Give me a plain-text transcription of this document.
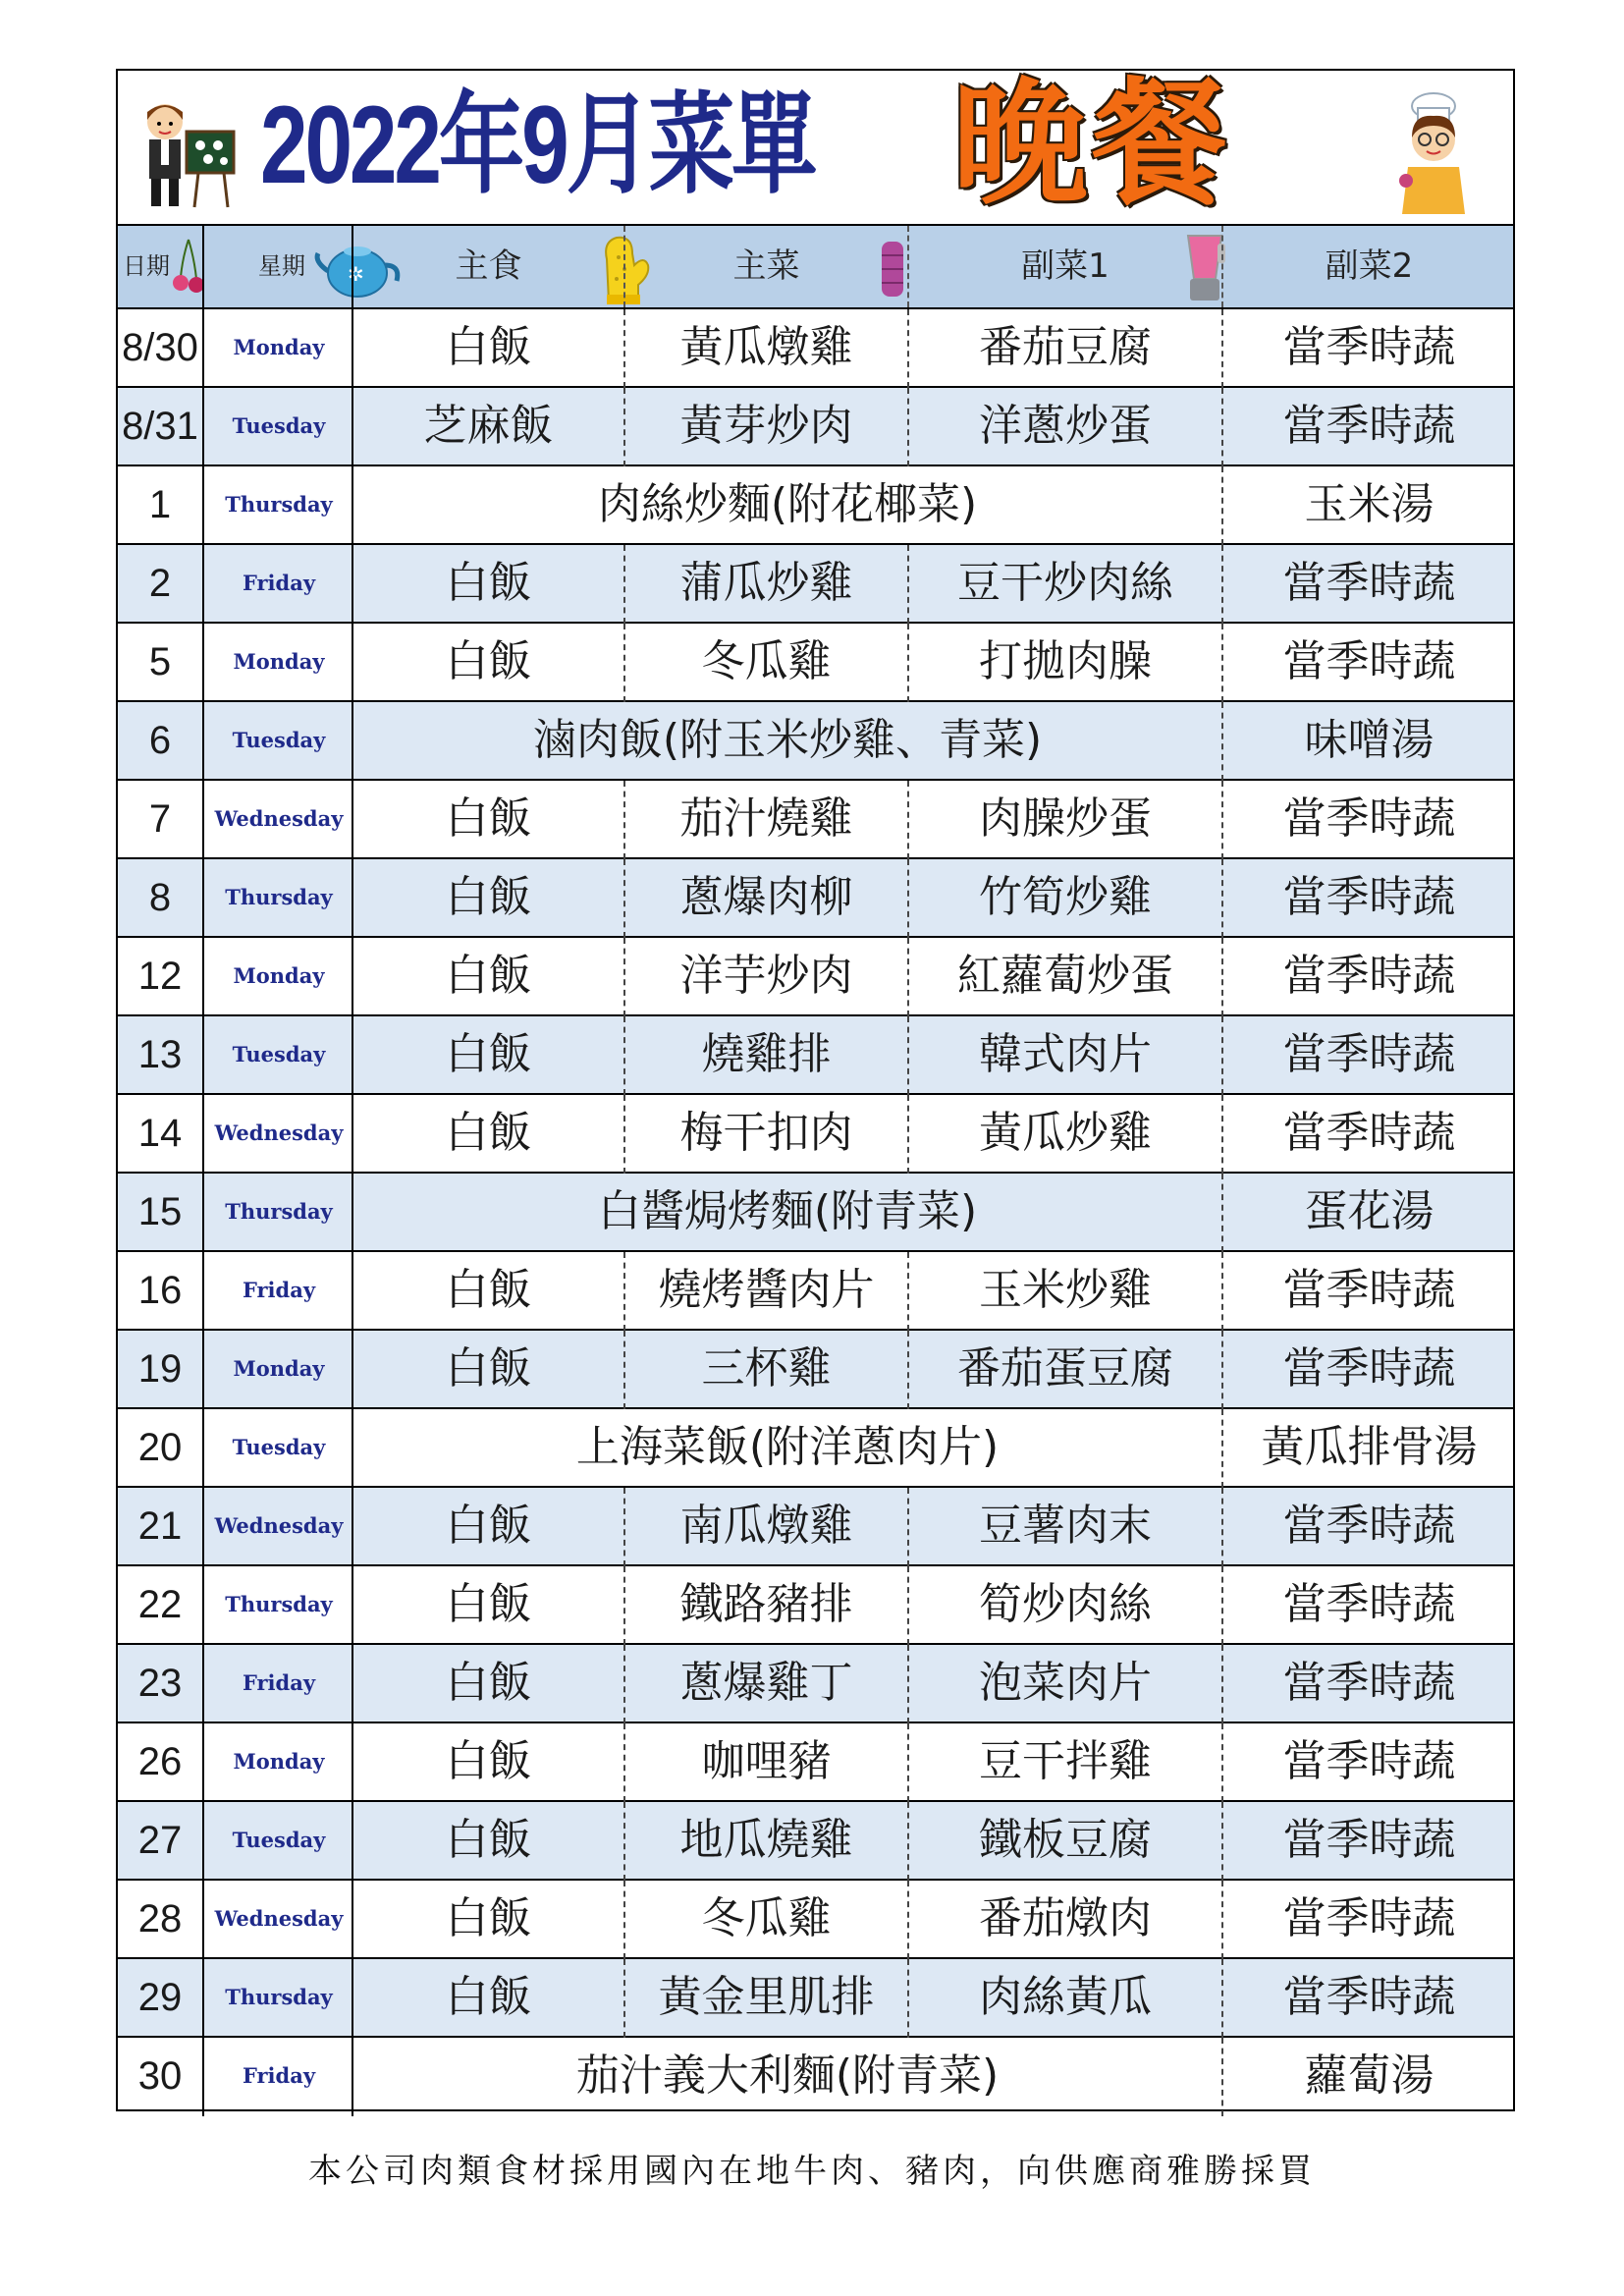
2022年9月菜單 晚餐
日期	星期	✲	主食	主菜	副菜1	副菜2
8/30	Monday	白飯	黃瓜燉雞	番茄豆腐	當季時蔬
8/31	Tuesday	芝麻飯	黃芽炒肉	洋蔥炒蛋	當季時蔬
1	Thursday	肉絲炒麵(附花椰菜)	玉米湯
2	Friday	白飯	蒲瓜炒雞	豆干炒肉絲	當季時蔬
5	Monday	白飯	冬瓜雞	打拋肉臊	當季時蔬
6	Tuesday	滷肉飯(附玉米炒雞、青菜)	味噌湯
7	Wednesday	白飯	茄汁燒雞	肉臊炒蛋	當季時蔬
8	Thursday	白飯	蔥爆肉柳	竹筍炒雞	當季時蔬
12	Monday	白飯	洋芋炒肉	紅蘿蔔炒蛋	當季時蔬
13	Tuesday	白飯	燒雞排	韓式肉片	當季時蔬
14	Wednesday	白飯	梅干扣肉	黃瓜炒雞	當季時蔬
15	Thursday	白醬焗烤麵(附青菜)	蛋花湯
16	Friday	白飯	燒烤醬肉片	玉米炒雞	當季時蔬
19	Monday	白飯	三杯雞	番茄蛋豆腐	當季時蔬
20	Tuesday	上海菜飯(附洋蔥肉片)	黃瓜排骨湯
21	Wednesday	白飯	南瓜燉雞	豆薯肉末	當季時蔬
22	Thursday	白飯	鐵路豬排	筍炒肉絲	當季時蔬
23	Friday	白飯	蔥爆雞丁	泡菜肉片	當季時蔬
26	Monday	白飯	咖哩豬	豆干拌雞	當季時蔬
27	Tuesday	白飯	地瓜燒雞	鐵板豆腐	當季時蔬
28	Wednesday	白飯	冬瓜雞	番茄燉肉	當季時蔬
29	Thursday	白飯	黃金里肌排	肉絲黃瓜	當季時蔬
30	Friday	茄汁義大利麵(附青菜)	蘿蔔湯
本公司肉類食材採用國內在地牛肉、豬肉，向供應商雅勝採買
